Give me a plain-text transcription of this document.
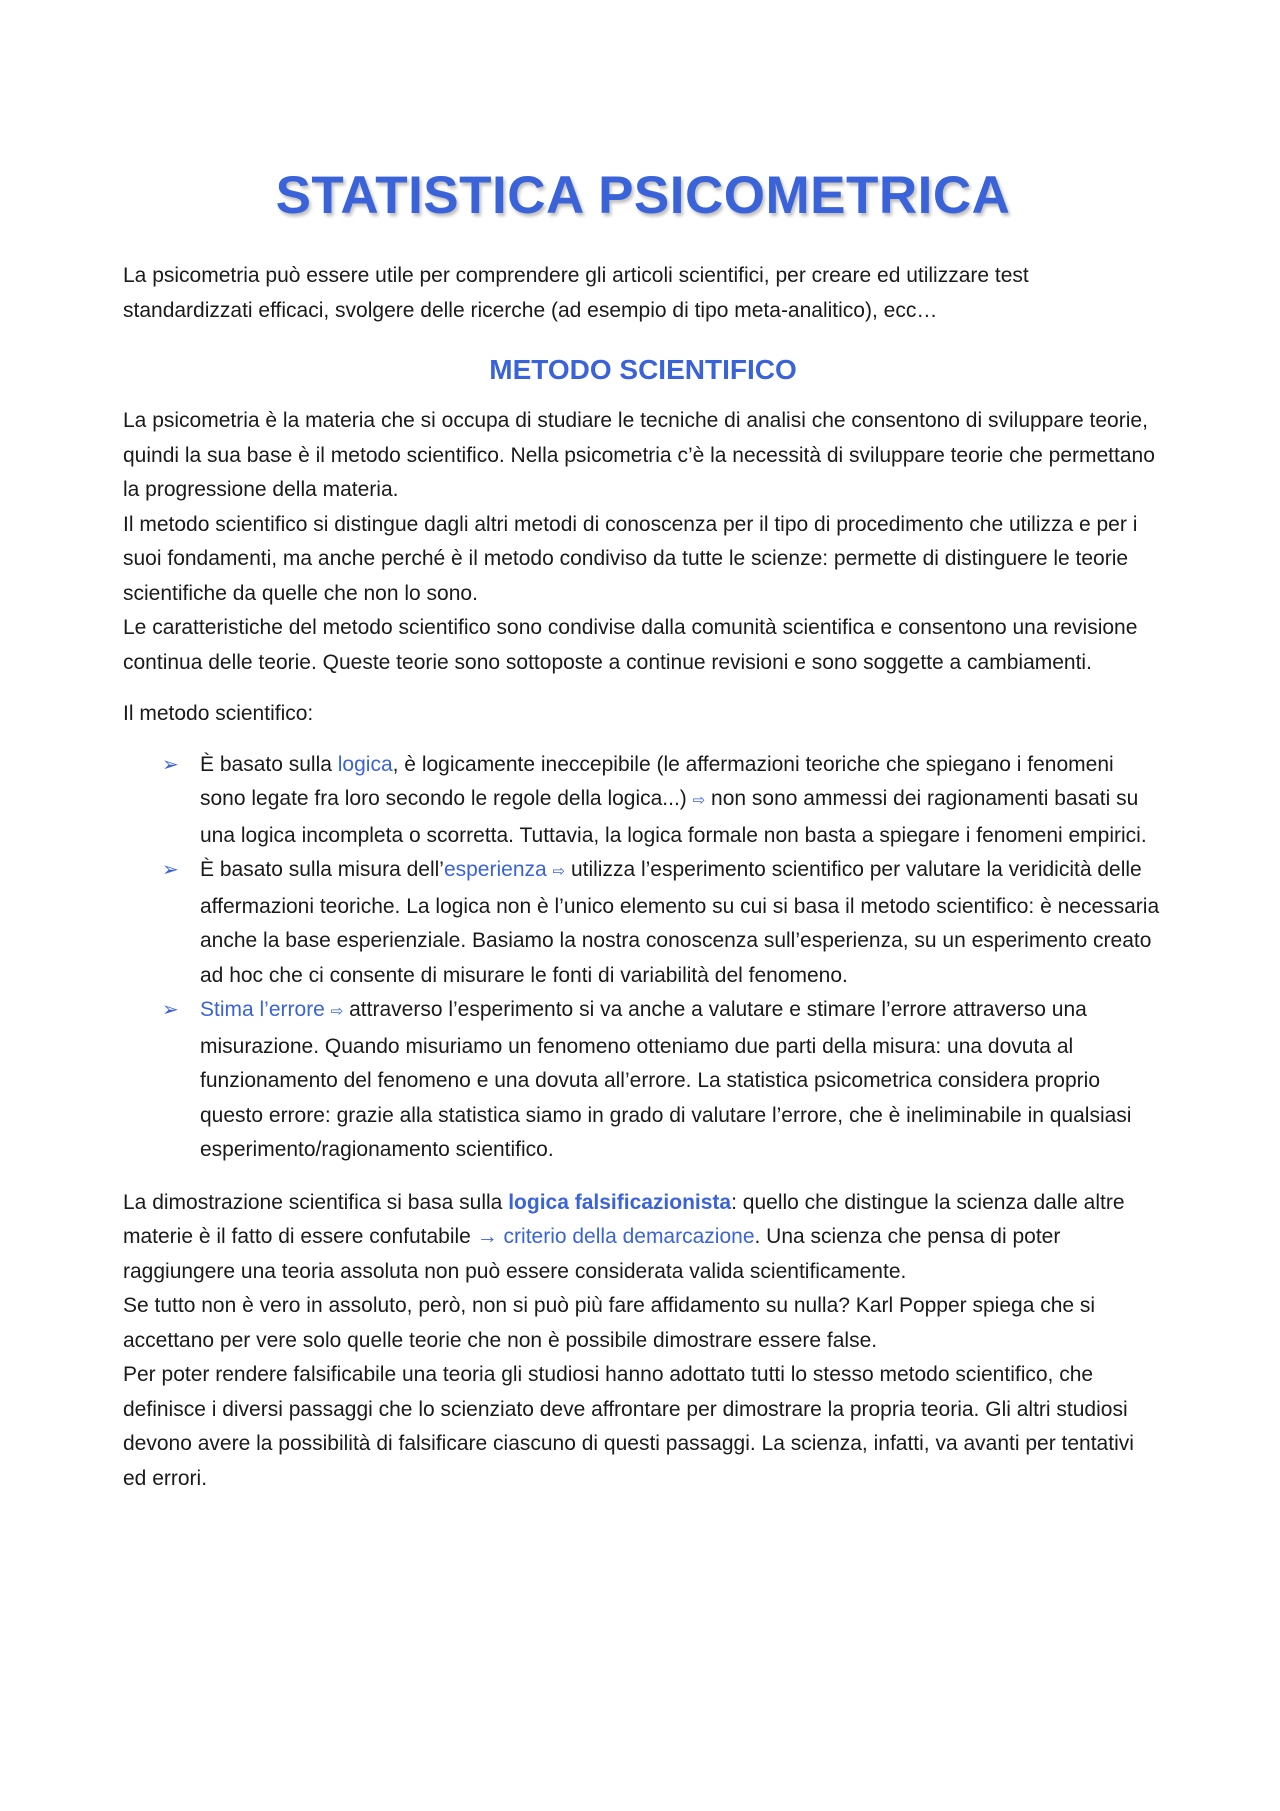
STATISTICA PSICOMETRICA

La psicometria può essere utile per comprendere gli articoli scientifici, per creare ed utilizzare test standardizzati efficaci, svolgere delle ricerche (ad esempio di tipo meta-analitico), ecc…

METODO SCIENTIFICO

La psicometria è la materia che si occupa di studiare le tecniche di analisi che consentono di sviluppare teorie, quindi la sua base è il metodo scientifico. Nella psicometria c’è la necessità di sviluppare teorie che permettano la progressione della materia.

Il metodo scientifico si distingue dagli altri metodi di conoscenza per il tipo di procedimento che utilizza e per i suoi fondamenti, ma anche perché è il metodo condiviso da tutte le scienze: permette di distinguere le teorie scientifiche da quelle che non lo sono.

Le caratteristiche del metodo scientifico sono condivise dalla comunità scientifica e consentono una revisione continua delle teorie. Queste teorie sono sottoposte a continue revisioni e sono soggette a cambiamenti.

Il metodo scientifico:

➢ È basato sulla logica, è logicamente ineccepibile (le affermazioni teoriche che spiegano i fenomeni sono legate fra loro secondo le regole della logica...) ⇨ non sono ammessi dei ragionamenti basati su una logica incompleta o scorretta. Tuttavia, la logica formale non basta a spiegare i fenomeni empirici.
➢ È basato sulla misura dell’esperienza ⇨ utilizza l’esperimento scientifico per valutare la veridicità delle affermazioni teoriche. La logica non è l’unico elemento su cui si basa il metodo scientifico: è necessaria anche la base esperienziale. Basiamo la nostra conoscenza sull’esperienza, su un esperimento creato ad hoc che ci consente di misurare le fonti di variabilità del fenomeno.
➢ Stima l’errore ⇨ attraverso l’esperimento si va anche a valutare e stimare l’errore attraverso una misurazione. Quando misuriamo un fenomeno otteniamo due parti della misura: una dovuta al funzionamento del fenomeno e una dovuta all’errore. La statistica psicometrica considera proprio questo errore: grazie alla statistica siamo in grado di valutare l’errore, che è ineliminabile in qualsiasi esperimento/ragionamento scientifico.

La dimostrazione scientifica si basa sulla logica falsificazionista: quello che distingue la scienza dalle altre materie è il fatto di essere confutabile → criterio della demarcazione. Una scienza che pensa di poter raggiungere una teoria assoluta non può essere considerata valida scientificamente.

Se tutto non è vero in assoluto, però, non si può più fare affidamento su nulla? Karl Popper spiega che si accettano per vere solo quelle teorie che non è possibile dimostrare essere false.

Per poter rendere falsificabile una teoria gli studiosi hanno adottato tutti lo stesso metodo scientifico, che definisce i diversi passaggi che lo scienziato deve affrontare per dimostrare la propria teoria. Gli altri studiosi devono avere la possibilità di falsificare ciascuno di questi passaggi. La scienza, infatti, va avanti per tentativi ed errori.
